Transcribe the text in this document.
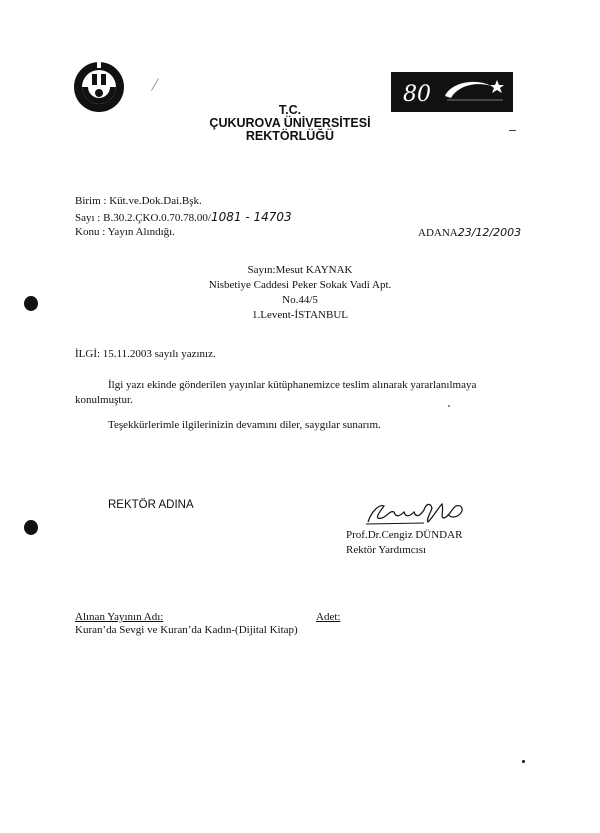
T.C.
ÇUKUROVA ÜNİVERSİTESİ
REKTÖRLÜĞÜ
80
Birim : Küt.ve.Dok.Dai.Bşk.
Sayı : B.30.2.ÇKO.0.70.78.00/1081 - 14703
Konu : Yayın Alındığı.	ADANA23/12/2003
Sayın:Mesut KAYNAK
Nisbetiye Caddesi Peker Sokak Vadi Apt.
No.44/5
1.Levent-İSTANBUL
İLGİ: 15.11.2003 sayılı yazınız.
İlgi yazı ekinde gönderilen yayınlar kütüphanemizce teslim alınarak yararlanılmaya
konulmuştur.
Teşekkürlerimle ilgilerinizin devamını diler, saygılar sunarım.
REKTÖR ADINA
Prof.Dr.Cengiz DÜNDAR
Rektör Yardımcısı
Alınan Yayının Adı:	Adet:
Kuran’da Sevgi ve Kuran’da Kadın-(Dijital Kitap)
